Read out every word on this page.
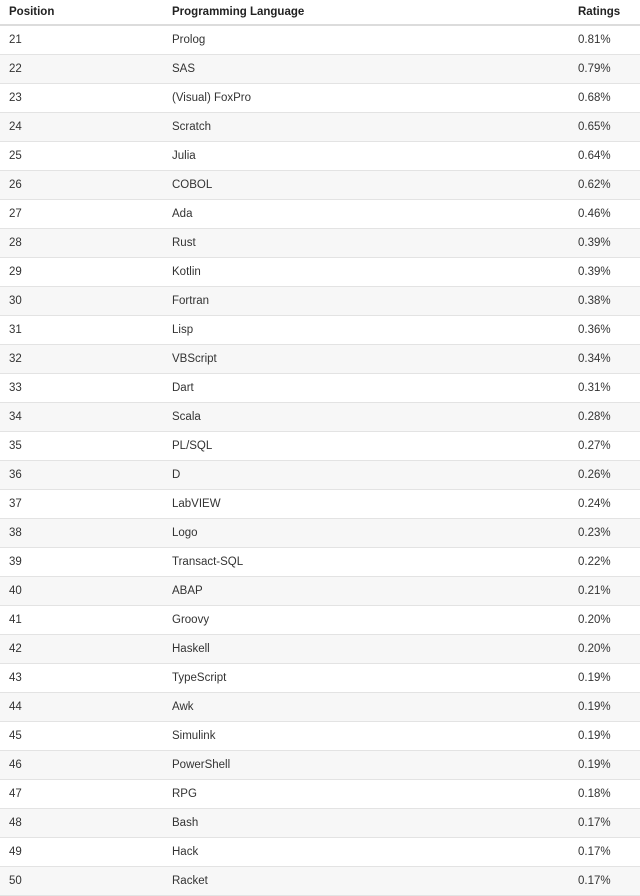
Position	Programming Language	Ratings
21	Prolog	0.81%
22	SAS	0.79%
23	(Visual) FoxPro	0.68%
24	Scratch	0.65%
25	Julia	0.64%
26	COBOL	0.62%
27	Ada	0.46%
28	Rust	0.39%
29	Kotlin	0.39%
30	Fortran	0.38%
31	Lisp	0.36%
32	VBScript	0.34%
33	Dart	0.31%
34	Scala	0.28%
35	PL/SQL	0.27%
36	D	0.26%
37	LabVIEW	0.24%
38	Logo	0.23%
39	Transact-SQL	0.22%
40	ABAP	0.21%
41	Groovy	0.20%
42	Haskell	0.20%
43	TypeScript	0.19%
44	Awk	0.19%
45	Simulink	0.19%
46	PowerShell	0.19%
47	RPG	0.18%
48	Bash	0.17%
49	Hack	0.17%
50	Racket	0.17%
